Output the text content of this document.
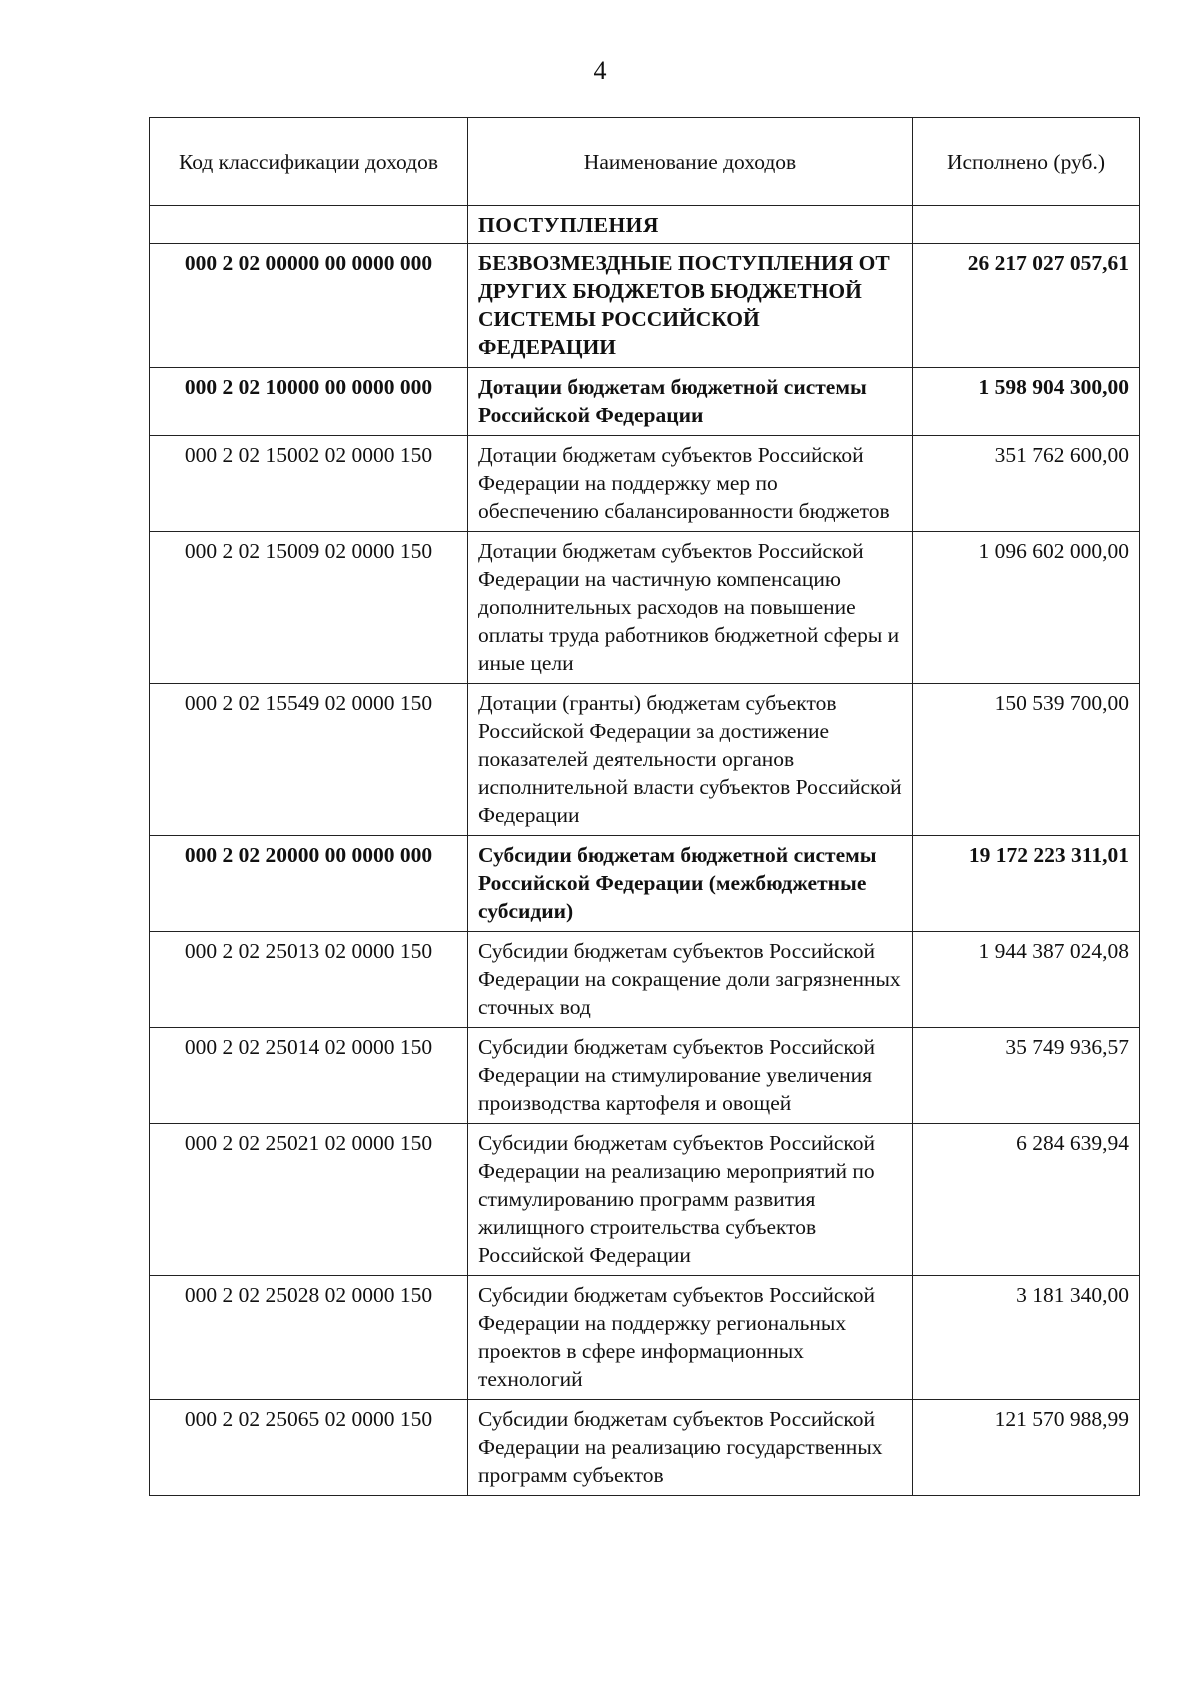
4
Код классификации доходов	Наименование доходов	Исполнено (руб.)
	ПОСТУПЛЕНИЯ	
000 2 02 00000 00 0000 000	БЕЗВОЗМЕЗДНЫЕ ПОСТУПЛЕНИЯ ОТ ДРУГИХ БЮДЖЕТОВ БЮДЖЕТНОЙ СИСТЕМЫ РОССИЙСКОЙ ФЕДЕРАЦИИ	26 217 027 057,61
000 2 02 10000 00 0000 000	Дотации бюджетам бюджетной системы Российской Федерации	1 598 904 300,00
000 2 02 15002 02 0000 150	Дотации бюджетам субъектов Российской Федерации на поддержку мер по обеспечению сбалансированности бюджетов	351 762 600,00
000 2 02 15009 02 0000 150	Дотации бюджетам субъектов Российской Федерации на частичную компенсацию дополнительных расходов на повышение оплаты труда работников бюджетной сферы и иные цели	1 096 602 000,00
000 2 02 15549 02 0000 150	Дотации (гранты) бюджетам субъектов Российской Федерации за достижение показателей деятельности органов исполнительной власти субъектов Российской Федерации	150 539 700,00
000 2 02 20000 00 0000 000	Субсидии бюджетам бюджетной системы Российской Федерации (межбюджетные субсидии)	19 172 223 311,01
000 2 02 25013 02 0000 150	Субсидии бюджетам субъектов Российской Федерации на сокращение доли загрязненных сточных вод	1 944 387 024,08
000 2 02 25014 02 0000 150	Субсидии бюджетам субъектов Российской Федерации на стимулирование увеличения производства картофеля и овощей	35 749 936,57
000 2 02 25021 02 0000 150	Субсидии бюджетам субъектов Российской Федерации на реализацию мероприятий по стимулированию программ развития жилищного строительства субъектов Российской Федерации	6 284 639,94
000 2 02 25028 02 0000 150	Субсидии бюджетам субъектов Российской Федерации на поддержку региональных проектов в сфере информационных технологий	3 181 340,00
000 2 02 25065 02 0000 150	Субсидии бюджетам субъектов Российской Федерации на реализацию государственных программ субъектов	121 570 988,99
